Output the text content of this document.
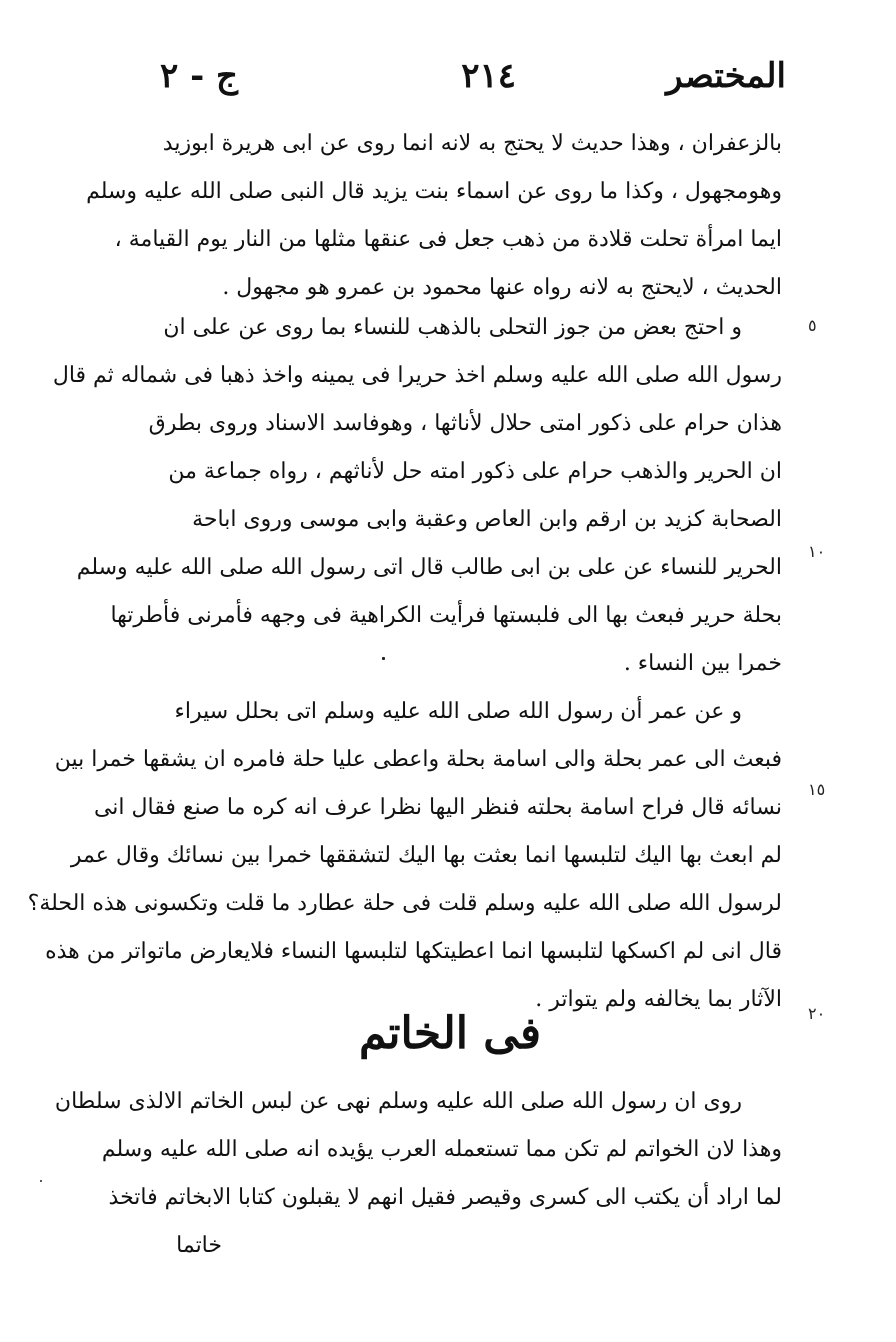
المختصر
٢١٤
ج - ٢
بالزعفران ، وهذا حديث لا يحتج به لانه انما روى عن ابى هريرة ابوزيد
وهومجهول ، وكذا ما روى عن اسماء بنت يزيد قال النبى صلى الله عليه وسلم
ايما امرأة تحلت قلادة من ذهب جعل فى عنقها مثلها من النار يوم القيامة ،
الحديث ، لايحتج به لانه رواه عنها محمود بن عمرو هو مجهول .
و احتج بعض من جوز التحلى بالذهب للنساء بما روى عن على ان
رسول الله صلى الله عليه وسلم اخذ حريرا فى يمينه واخذ ذهبا فى شماله ثم قال
هذان حرام على ذكور امتى حلال لأناثها ، وهوفاسد الاسناد وروى بطرق
ان الحرير والذهب حرام على ذكور امته حل لأناثهم ، رواه جماعة من
الصحابة كزيد بن ارقم وابن العاص وعقبة وابى موسى وروى اباحة
الحرير للنساء عن على بن ابى طالب قال اتى رسول الله صلى الله عليه وسلم
بحلة حرير فبعث بها الى فلبستها فرأيت الكراهية فى وجهه فأمرنى فأطرتها
خمرا بين النساء .
و عن عمر أن رسول الله صلى الله عليه وسلم اتى بحلل سيراء
فبعث الى عمر بحلة والى اسامة بحلة واعطى عليا حلة فامره ان يشقها خمرا بين
نسائه قال فراح اسامة بحلته فنظر اليها نظرا عرف انه كره ما صنع فقال انى
لم ابعث بها اليك لتلبسها انما بعثت بها اليك لتشققها خمرا بين نسائك وقال عمر
لرسول الله صلى الله عليه وسلم قلت فى حلة عطارد ما قلت وتكسونى هذه الحلة؟
قال انى لم اكسكها لتلبسها انما اعطيتكها لتلبسها النساء فلايعارض ماتواتر من هذه
الآثار بما يخالفه ولم يتواتر .
فى الخاتم
روى ان رسول الله صلى الله عليه وسلم نهى عن لبس الخاتم الالذى سلطان
وهذا لان الخواتم لم تكن مما تستعمله العرب يؤيده انه صلى الله عليه وسلم
لما اراد أن يكتب الى كسرى وقيصر فقيل انهم لا يقبلون كتابا الابخاتم فاتخذ
خاتما
٥
١٠
١٥
٢٠
